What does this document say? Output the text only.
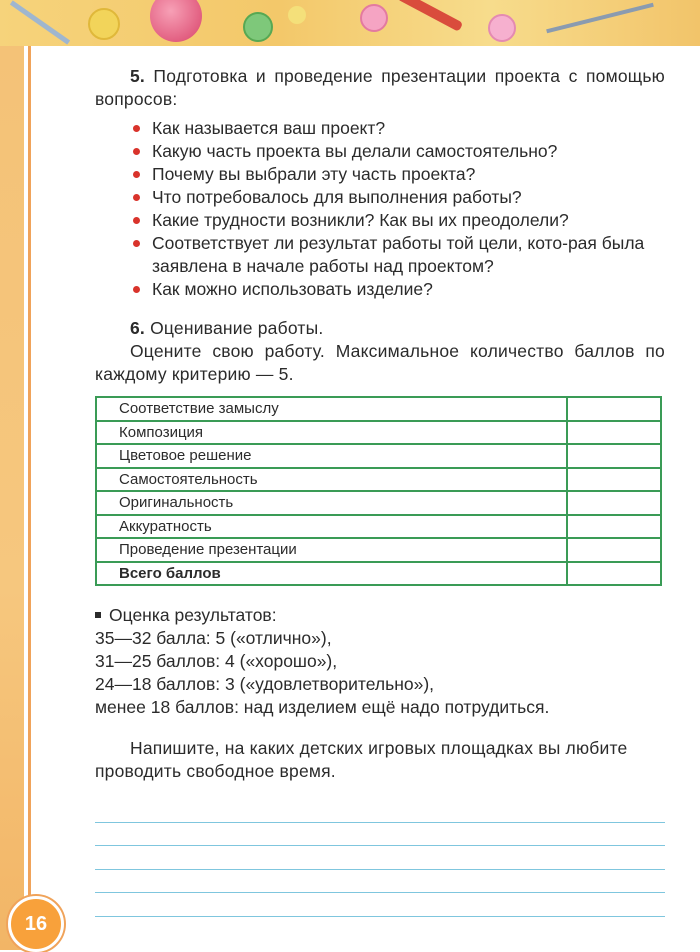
5. Подготовка и проведение презентации проекта с помощью вопросов:
Как называется ваш проект?
Какую часть проекта вы делали самостоятельно?
Почему вы выбрали эту часть проекта?
Что потребовалось для выполнения работы?
Какие трудности возникли? Как вы их преодолели?
Соответствует ли результат работы той цели, кото-рая была заявлена в начале работы над проектом?
Как можно использовать изделие?
6. Оценивание работы.
Оцените свою работу. Максимальное количество баллов по каждому критерию — 5.
Соответствие замыслу	
Композиция	
Цветовое решение	
Самостоятельность	
Оригинальность	
Аккуратность	
Проведение презентации	
Всего баллов	
Оценка результатов:
35—32 балла: 5 («отлично»),
31—25 баллов: 4 («хорошо»),
24—18 баллов: 3 («удовлетворительно»),
менее 18 баллов: над изделием ещё надо потрудиться.
Напишите, на каких детских игровых площадках вы любите проводить свободное время.
16
